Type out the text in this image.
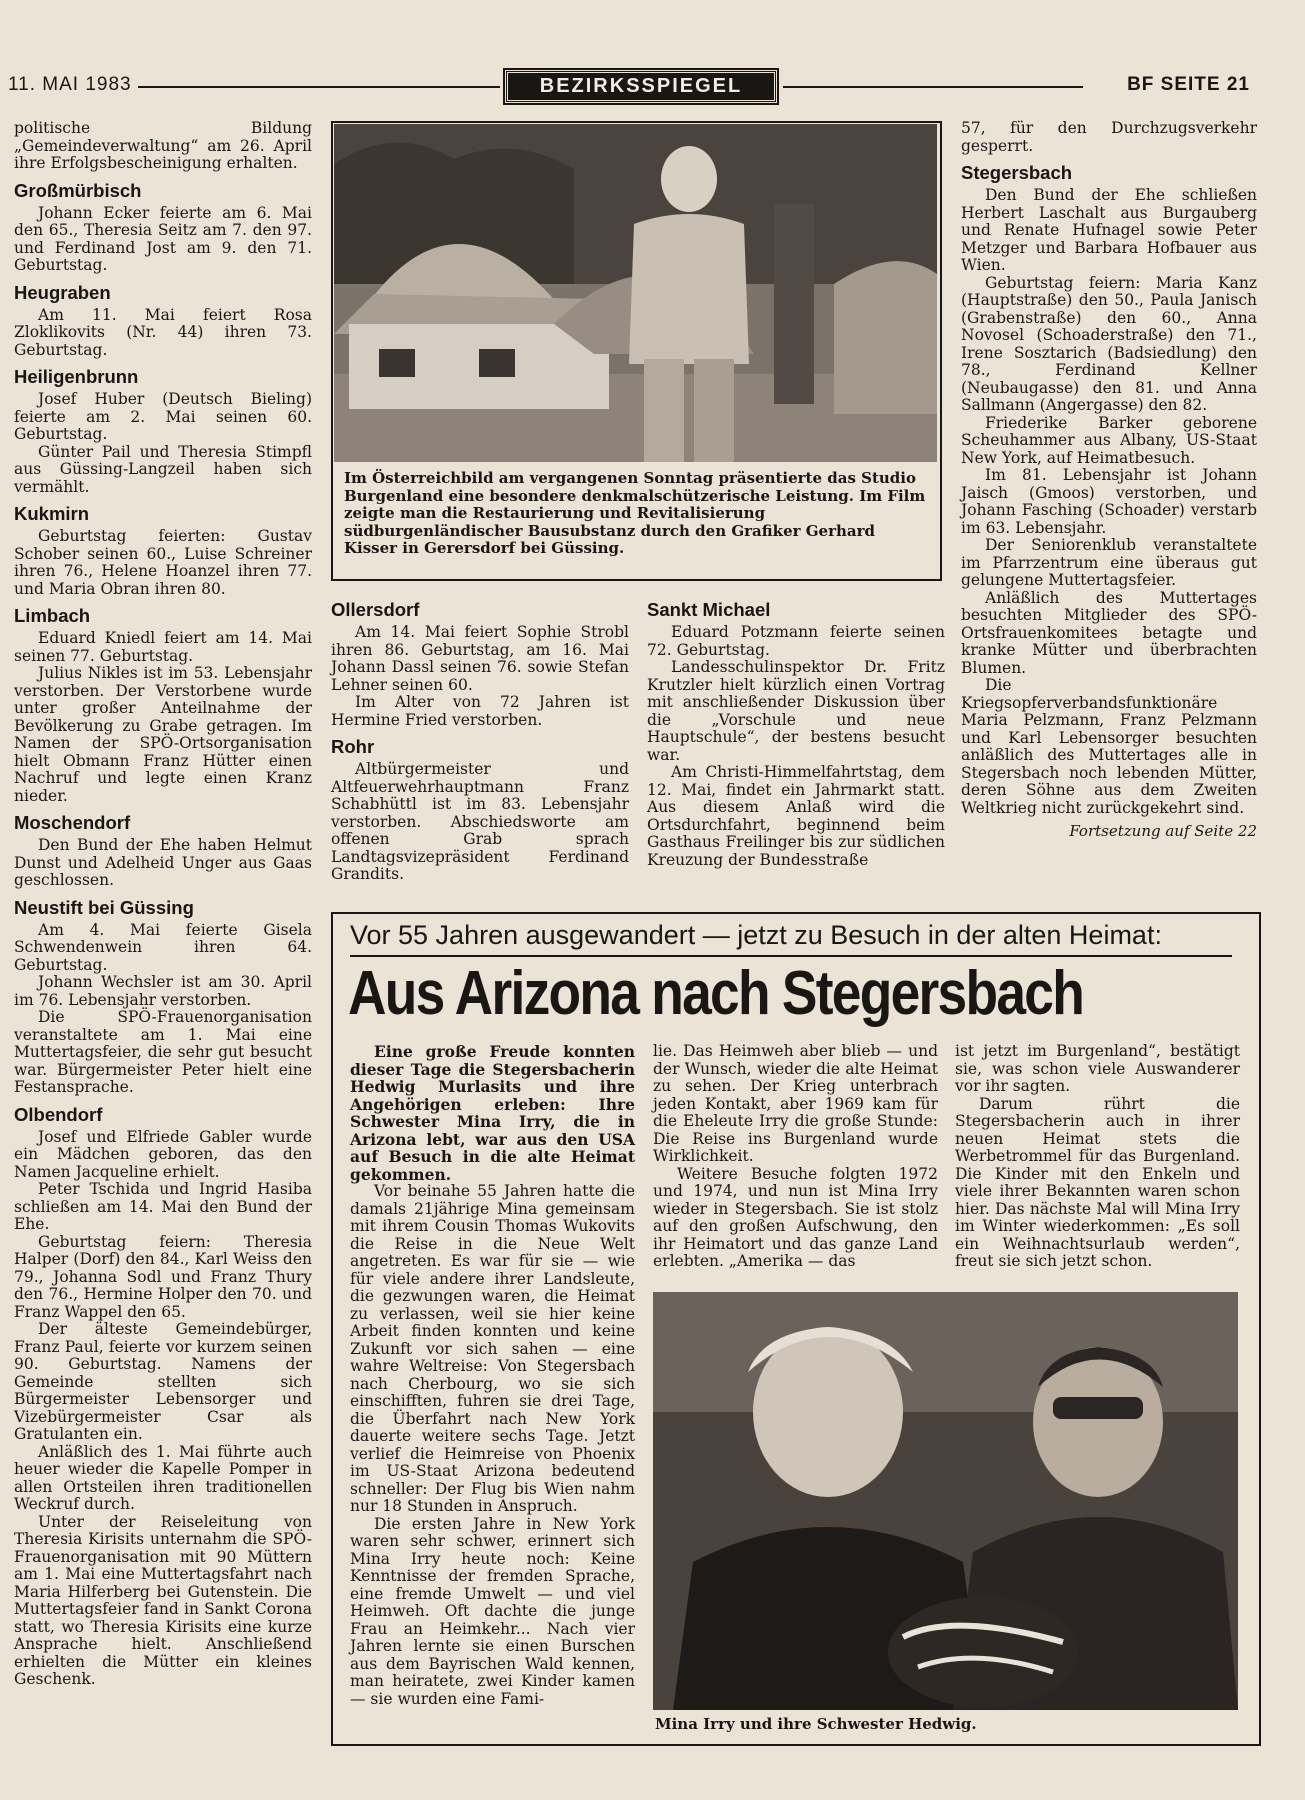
11. MAI 1983	BEZIRKSSPIEGEL	BF SEITE 21

politische Bildung „Gemeindeverwaltung“ am 26. April ihre Erfolgsbescheinigung erhalten.

Großmürbisch

Johann Ecker feierte am 6. Mai den 65., Theresia Seitz am 7. den 97. und Ferdinand Jost am 9. den 71. Geburtstag.

Heugraben

Am 11. Mai feiert Rosa Zloklikovits (Nr. 44) ihren 73. Geburtstag.

Heiligenbrunn

Josef Huber (Deutsch Bieling) feierte am 2. Mai seinen 60. Geburtstag.

Günter Pail und Theresia Stimpfl aus Güssing-Langzeil haben sich vermählt.

Kukmirn

Geburtstag feierten: Gustav Schober seinen 60., Luise Schreiner ihren 76., Helene Hoanzel ihren 77. und Maria Obran ihren 80.

Limbach

Eduard Kniedl feiert am 14. Mai seinen 77. Geburtstag.

Julius Nikles ist im 53. Lebensjahr verstorben. Der Verstorbene wurde unter großer Anteilnahme der Bevölkerung zu Grabe getragen. Im Namen der SPÖ-Ortsorganisation hielt Obmann Franz Hütter einen Nachruf und legte einen Kranz nieder.

Moschendorf

Den Bund der Ehe haben Helmut Dunst und Adelheid Unger aus Gaas geschlossen.

Neustift bei Güssing

Am 4. Mai feierte Gisela Schwendenwein ihren 64. Geburtstag.

Johann Wechsler ist am 30. April im 76. Lebensjahr verstorben.

Die SPÖ-Frauenorganisation veranstaltete am 1. Mai eine Muttertagsfeier, die sehr gut besucht war. Bürgermeister Peter hielt eine Festansprache.

Olbendorf

Josef und Elfriede Gabler wurde ein Mädchen geboren, das den Namen Jacqueline erhielt.

Peter Tschida und Ingrid Hasiba schließen am 14. Mai den Bund der Ehe.

Geburtstag feiern: Theresia Halper (Dorf) den 84., Karl Weiss den 79., Johanna Sodl und Franz Thury den 76., Hermine Holper den 70. und Franz Wappel den 65.

Der älteste Gemeindebürger, Franz Paul, feierte vor kurzem seinen 90. Geburtstag. Namens der Gemeinde stellten sich Bürgermeister Lebensorger und Vizebürgermeister Csar als Gratulanten ein.

Anläßlich des 1. Mai führte auch heuer wieder die Kapelle Pomper in allen Ortsteilen ihren traditionellen Weckruf durch.

Unter der Reiseleitung von Theresia Kirisits unternahm die SPÖ-Frauenorganisation mit 90 Müttern am 1. Mai eine Muttertagsfahrt nach Maria Hilferberg bei Gutenstein. Die Muttertagsfeier fand in Sankt Corona statt, wo Theresia Kirisits eine kurze Ansprache hielt. Anschließend erhielten die Mütter ein kleines Geschenk.

Im Österreichbild am vergangenen Sonntag präsentierte das Studio Burgenland eine besondere denkmalschützerische Leistung. Im Film zeigte man die Restaurierung und Revitalisierung südburgenländischer Bausubstanz durch den Grafiker Gerhard Kisser in Gerersdorf bei Güssing.
Ollersdorf

Am 14. Mai feiert Sophie Strobl ihren 86. Geburtstag, am 16. Mai Johann Dassl seinen 76. sowie Stefan Lehner seinen 60.

Im Alter von 72 Jahren ist Hermine Fried verstorben.

Rohr

Altbürgermeister und Altfeuerwehrhauptmann Franz Schabhüttl ist im 83. Lebensjahr verstorben. Abschiedsworte am offenen Grab sprach Landtagsvizepräsident Ferdinand Grandits.

Sankt Michael

Eduard Potzmann feierte seinen 72. Geburtstag.

Landesschulinspektor Dr. Fritz Krutzler hielt kürzlich einen Vortrag mit anschließender Diskussion über die „Vorschule und neue Hauptschule“, der bestens besucht war.

Am Christi-Himmelfahrtstag, dem 12. Mai, findet ein Jahrmarkt statt. Aus diesem Anlaß wird die Ortsdurchfahrt, beginnend beim Gasthaus Freilinger bis zur südlichen Kreuzung der Bundesstraße

57, für den Durchzugsverkehr gesperrt.

Stegersbach

Den Bund der Ehe schließen Herbert Laschalt aus Burgauberg und Renate Hufnagel sowie Peter Metzger und Barbara Hofbauer aus Wien.

Geburtstag feiern: Maria Kanz (Hauptstraße) den 50., Paula Janisch (Grabenstraße) den 60., Anna Novosel (Schoaderstraße) den 71., Irene Sosztarich (Badsiedlung) den 78., Ferdinand Kellner (Neubaugasse) den 81. und Anna Sallmann (Angergasse) den 82.

Friederike Barker geborene Scheuhammer aus Albany, US-Staat New York, auf Heimatbesuch.

Im 81. Lebensjahr ist Johann Jaisch (Gmoos) verstorben, und Johann Fasching (Schoader) verstarb im 63. Lebensjahr.

Der Seniorenklub veranstaltete im Pfarrzentrum eine überaus gut gelungene Muttertagsfeier.

Anläßlich des Muttertages besuchten Mitglieder des SPÖ-Ortsfrauenkomitees betagte und kranke Mütter und überbrachten Blumen.

Die Kriegsopferverbandsfunktionäre Maria Pelzmann, Franz Pelzmann und Karl Lebensorger besuchten anläßlich des Muttertages alle in Stegersbach noch lebenden Mütter, deren Söhne aus dem Zweiten Weltkrieg nicht zurückgekehrt sind.

Fortsetzung auf Seite 22

Vor 55 Jahren ausgewandert — jetzt zu Besuch in der alten Heimat:
Aus Arizona nach Stegersbach

Eine große Freude konnten dieser Tage die Stegersbacherin Hedwig Murlasits und ihre Angehörigen erleben: Ihre Schwester Mina Irry, die in Arizona lebt, war aus den USA auf Besuch in die alte Heimat gekommen.

Vor beinahe 55 Jahren hatte die damals 21jährige Mina gemeinsam mit ihrem Cousin Thomas Wukovits die Reise in die Neue Welt angetreten. Es war für sie — wie für viele andere ihrer Landsleute, die gezwungen waren, die Heimat zu verlassen, weil sie hier keine Arbeit finden konnten und keine Zukunft vor sich sahen — eine wahre Weltreise: Von Stegersbach nach Cherbourg, wo sie sich einschifften, fuhren sie drei Tage, die Überfahrt nach New York dauerte weitere sechs Tage. Jetzt verlief die Heimreise von Phoenix im US-Staat Arizona bedeutend schneller: Der Flug bis Wien nahm nur 18 Stunden in Anspruch.

Die ersten Jahre in New York waren sehr schwer, erinnert sich Mina Irry heute noch: Keine Kenntnisse der fremden Sprache, eine fremde Umwelt — und viel Heimweh. Oft dachte die junge Frau an Heimkehr... Nach vier Jahren lernte sie einen Burschen aus dem Bayrischen Wald kennen, man heiratete, zwei Kinder kamen — sie wurden eine Fami-

lie. Das Heimweh aber blieb — und der Wunsch, wieder die alte Heimat zu sehen. Der Krieg unterbrach jeden Kontakt, aber 1969 kam für die Eheleute Irry die große Stunde: Die Reise ins Burgenland wurde Wirklichkeit.

Weitere Besuche folgten 1972 und 1974, und nun ist Mina Irry wieder in Stegersbach. Sie ist stolz auf den großen Aufschwung, den ihr Heimatort und das ganze Land erlebten. „Amerika — das

ist jetzt im Burgenland“, bestätigt sie, was schon viele Auswanderer vor ihr sagten.

Darum rührt die Stegersbacherin auch in ihrer neuen Heimat stets die Werbetrommel für das Burgenland. Die Kinder mit den Enkeln und viele ihrer Bekannten waren schon hier. Das nächste Mal will Mina Irry im Winter wiederkommen: „Es soll ein Weihnachtsurlaub werden“, freut sie sich jetzt schon.

Mina Irry und ihre Schwester Hedwig.
